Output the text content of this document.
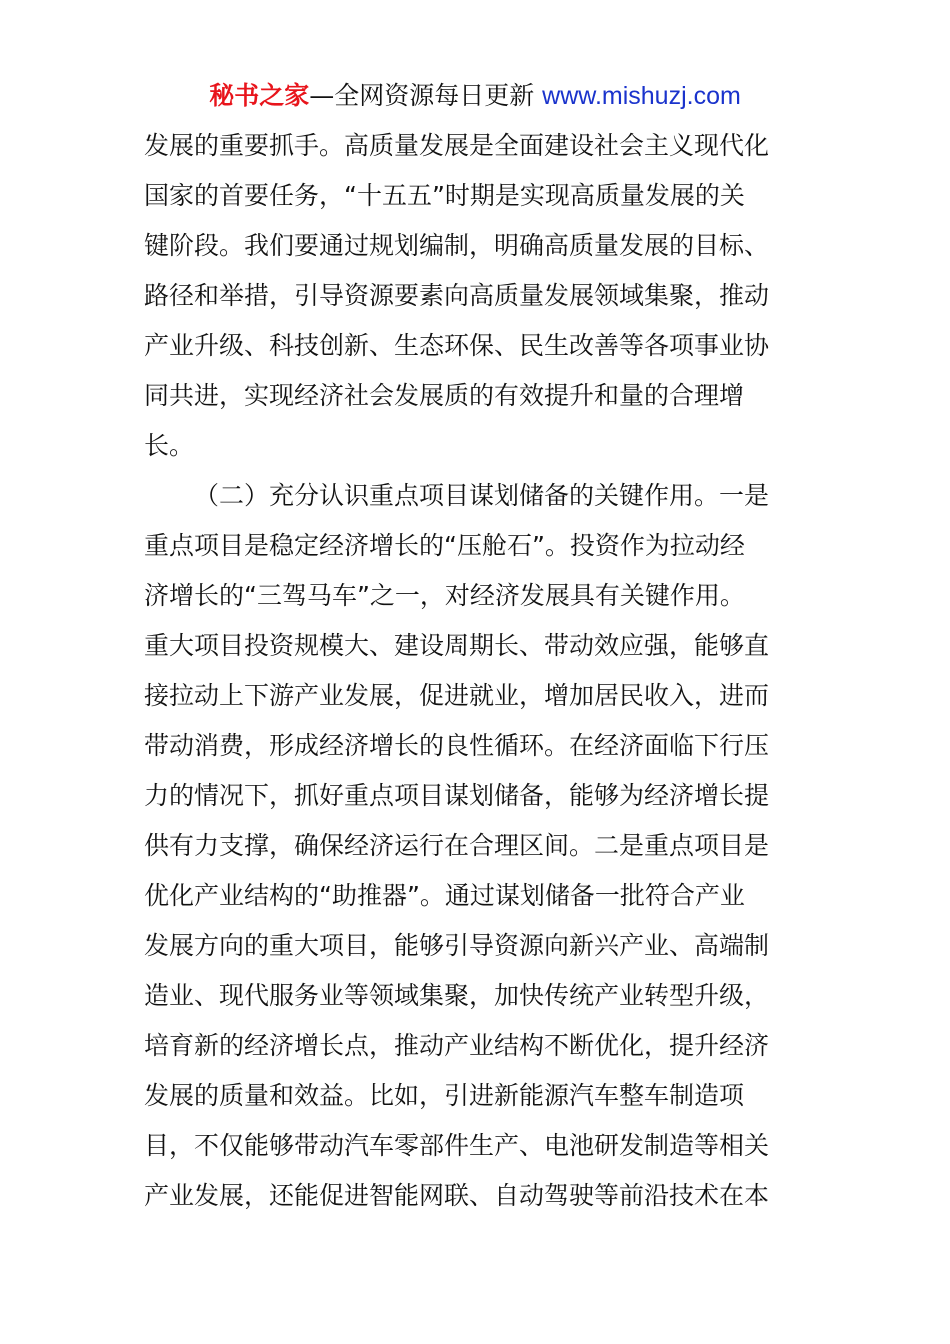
秘书之家—全网资源每日更新 www.mishuzj.com
发展的重要抓手。高质量发展是全面建设社会主义现代化
国家的首要任务，“十五五”时期是实现高质量发展的关
键阶段。我们要通过规划编制，明确高质量发展的目标、
路径和举措，引导资源要素向高质量发展领域集聚，推动
产业升级、科技创新、生态环保、民生改善等各项事业协
同共进，实现经济社会发展质的有效提升和量的合理增
长。
（二）充分认识重点项目谋划储备的关键作用。一是
重点项目是稳定经济增长的“压舱石”。投资作为拉动经
济增长的“三驾马车”之一，对经济发展具有关键作用。
重大项目投资规模大、建设周期长、带动效应强，能够直
接拉动上下游产业发展，促进就业，增加居民收入，进而
带动消费，形成经济增长的良性循环。在经济面临下行压
力的情况下，抓好重点项目谋划储备，能够为经济增长提
供有力支撑，确保经济运行在合理区间。二是重点项目是
优化产业结构的“助推器”。通过谋划储备一批符合产业
发展方向的重大项目，能够引导资源向新兴产业、高端制
造业、现代服务业等领域集聚，加快传统产业转型升级，
培育新的经济增长点，推动产业结构不断优化，提升经济
发展的质量和效益。比如，引进新能源汽车整车制造项
目，不仅能够带动汽车零部件生产、电池研发制造等相关
产业发展，还能促进智能网联、自动驾驶等前沿技术在本
